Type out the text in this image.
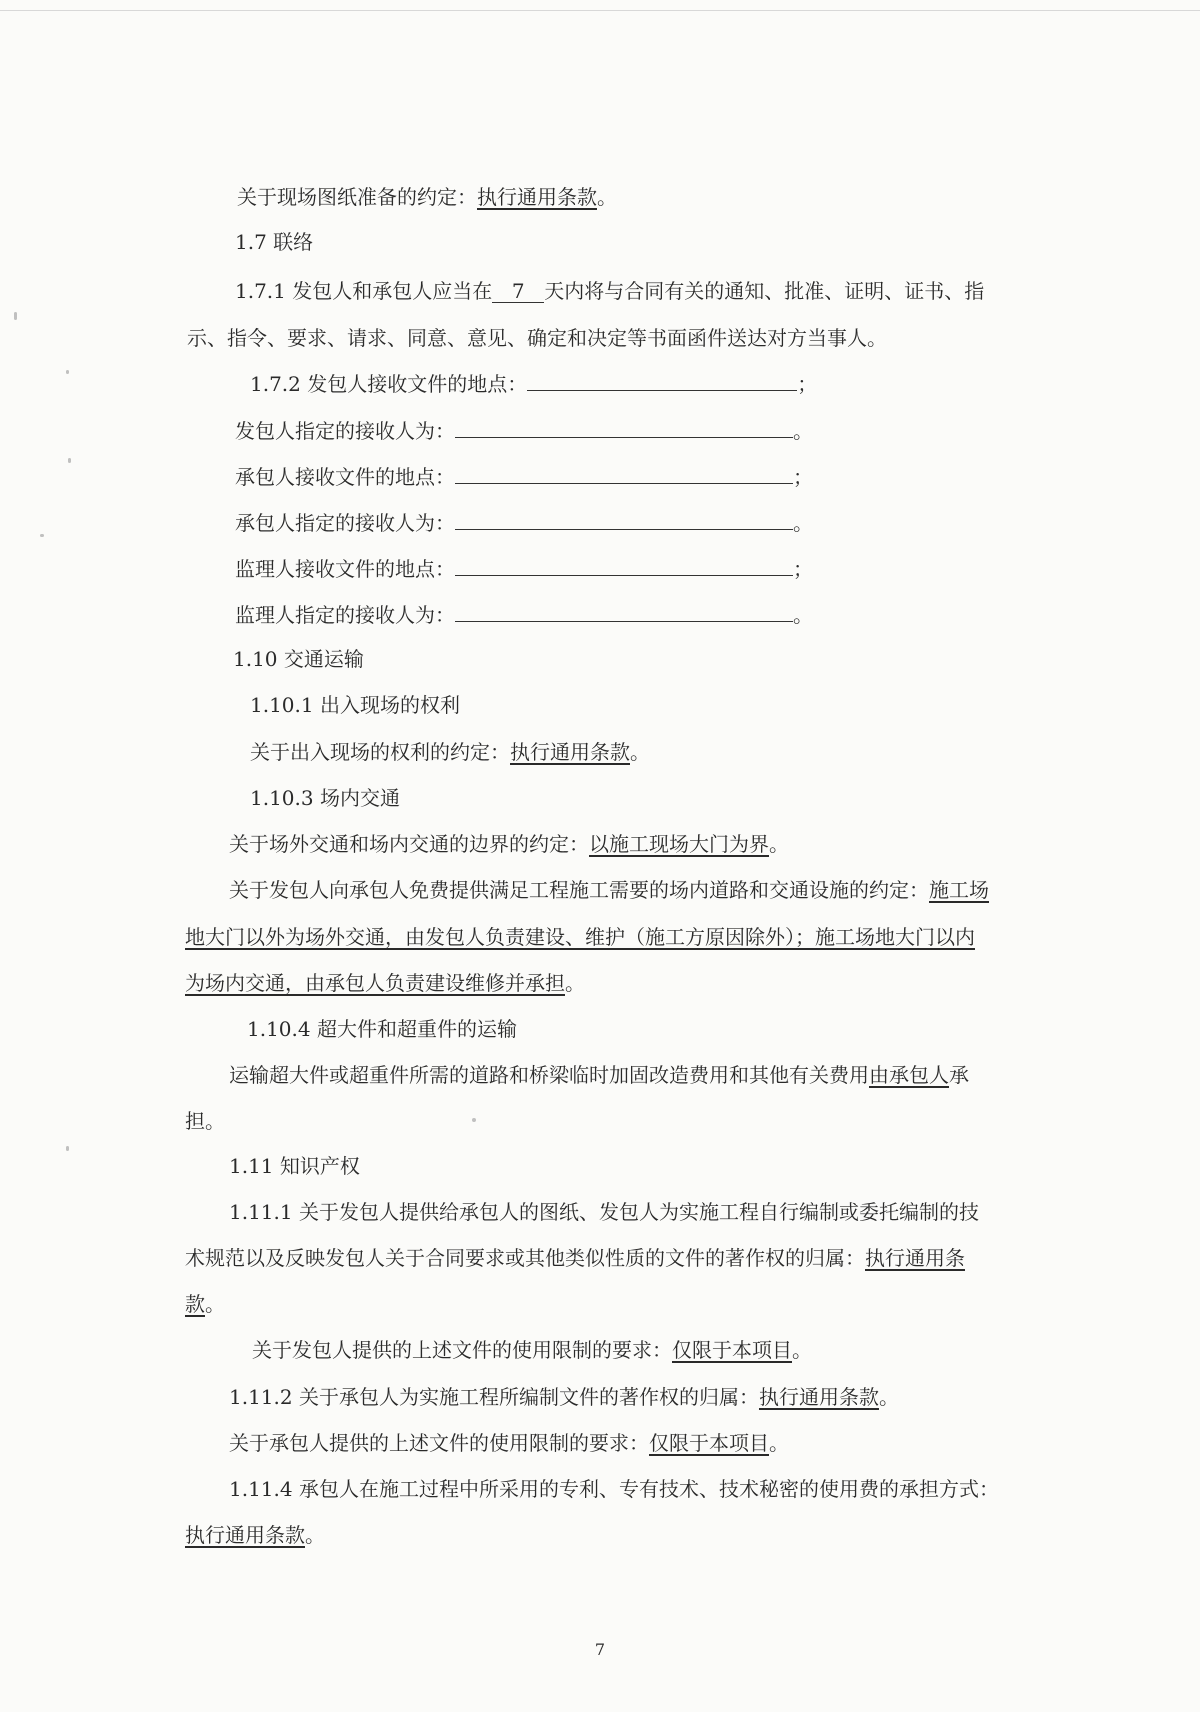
关于现场图纸准备的约定：执行通用条款。
1.7 联络
1.7.1 发包人和承包人应当在 7 天内将与合同有关的通知、批准、证明、证书、指
示、指令、要求、请求、同意、意见、确定和决定等书面函件送达对方当事人。
1.7.2 发包人接收文件的地点：	；
发包人指定的接收人为：	。
承包人接收文件的地点：	；
承包人指定的接收人为：	。
监理人接收文件的地点：	；
监理人指定的接收人为：	。
1.10 交通运输
1.10.1 出入现场的权利
关于出入现场的权利的约定：执行通用条款。
1.10.3 场内交通
关于场外交通和场内交通的边界的约定：以施工现场大门为界。
关于发包人向承包人免费提供满足工程施工需要的场内道路和交通设施的约定：施工场
地大门以外为场外交通，由发包人负责建设、维护（施工方原因除外）；施工场地大门以内
为场内交通，由承包人负责建设维修并承担。
1.10.4 超大件和超重件的运输
运输超大件或超重件所需的道路和桥梁临时加固改造费用和其他有关费用由承包人承
担。
1.11 知识产权
1.11.1 关于发包人提供给承包人的图纸、发包人为实施工程自行编制或委托编制的技
术规范以及反映发包人关于合同要求或其他类似性质的文件的著作权的归属：执行通用条
款。
关于发包人提供的上述文件的使用限制的要求：仅限于本项目。
1.11.2 关于承包人为实施工程所编制文件的著作权的归属：执行通用条款。
关于承包人提供的上述文件的使用限制的要求：仅限于本项目。
1.11.4 承包人在施工过程中所采用的专利、专有技术、技术秘密的使用费的承担方式：
执行通用条款。
7
